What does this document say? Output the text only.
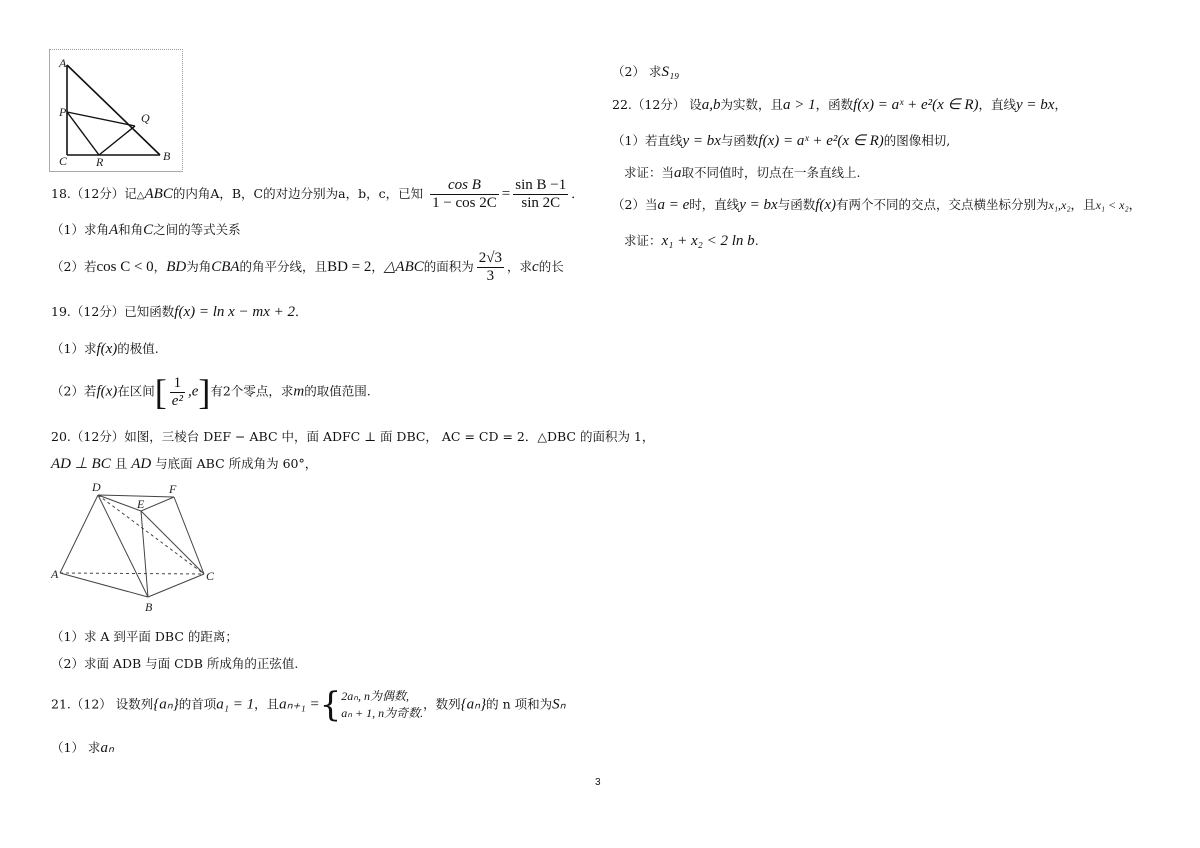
A
P	Q
C R	B
18.（12分）记△ABC的内角A，B，C的对边分别为a，b，c，已知 $\frac{\text{cos B}}{1 - \cos 2C} = \frac{\text{sin B −1}}{\sin 2C}$ ．
（1）求角A和角C之间的等式关系
（2）若cos C < 0，BD为角CBA的角平分线，且BD = 2，△ABC的面积为 $\frac{2√3}{3}$ ，求c的长
19.（12分）已知函数f(x) = ln x − mx + 2．
（1）求f(x)的极值.
（2）若f(x)在区间[ $\frac{1}{\text{e²}} ,e$]有2个零点，求m的取值范围.
20.（12分）如图，三棱台 DEF − ABC 中，面 ADFC ⊥ 面 DBC， AC = CD = 2．△DBC 的面积为 1，
AD ⊥ BC 且 AD 与底面 ABC 所成角为 60°，
D
E
F
A
B
C
（1）求 A 到平面 DBC 的距离；
（2）求面 ADB 与面 CDB 所成角的正弦值.
21.（12） 设数列{aₙ}的首项a₁ = 1，且aₙ₊₁ ={ 2aₙ, n为偶数,
aₙ + 1, n为奇数.
，数列{aₙ}的 n 项和为Sₙ
（1） 求aₙ
（2） 求S₁₉
22.（12分） 设a,b为实数，且a > 1，函数f(x) = aˣ + e²(x ∈ R)，直线y = bx，
（1）若直线y = bx与函数f(x) = aˣ + e²(x ∈ R)的图像相切,
求证：当a取不同值时，切点在一条直线上.
（2）当a = e时，直线y = bx与函数f(x)有两个不同的交点，交点横坐标分别为x₁,x₂，且x₁ < x₂，
求证：x₁ + x₂ < 2 ln b.
3
